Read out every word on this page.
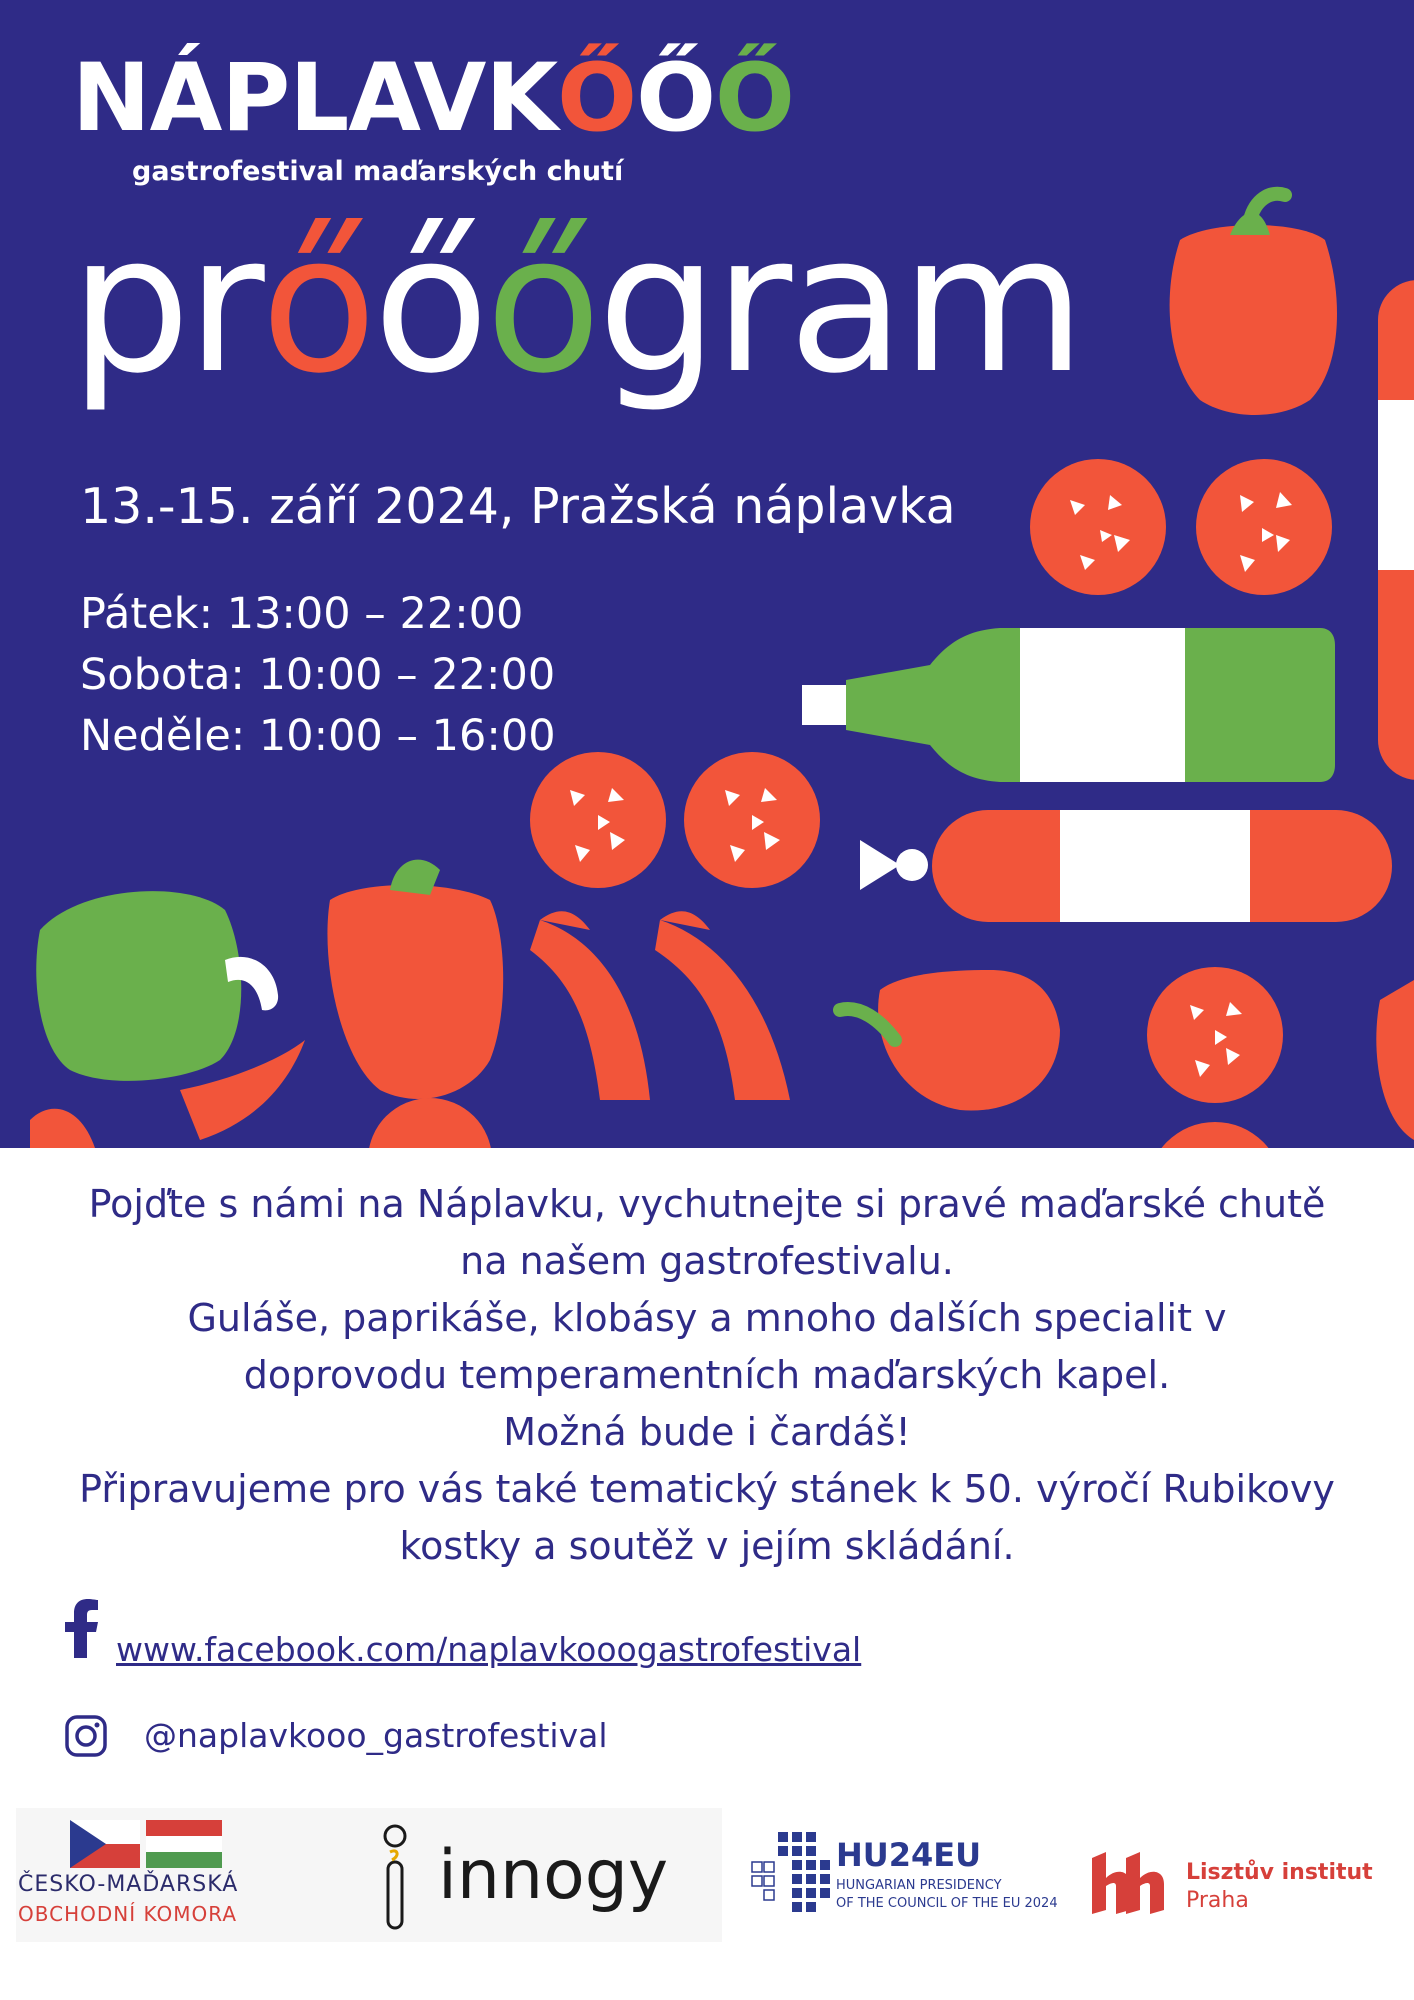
NÁPLAVKŐŐŐ
gastrofestival maďarských chutí
prőőőgram
13.-15. září 2024, Pražská náplavka
Pátek: 13:00 – 22:00
Sobota: 10:00 – 22:00
Neděle: 10:00 – 16:00

Pojďte s námi na Náplavku, vychutnejte si pravé maďarské chutě

na našem gastrofestivalu.

Guláše, paprikáše, klobásy a mnoho dalších specialit v

doprovodu temperamentních maďarských kapel.

Možná bude i čardáš!

Připravujeme pro vás také tematický stánek k 50. výročí Rubikovy

kostky a soutěž v jejím skládání.

www.facebook.com/naplavkooogastrofestival
@naplavkooo_gastrofestival
ČESKO-MAĎARSKÁ
OBCHODNÍ KOMORA	innogy	HU24EU
HUNGARIAN PRESIDENCY
OF THE COUNCIL OF THE EU 2024
Lisztův institut
Praha
